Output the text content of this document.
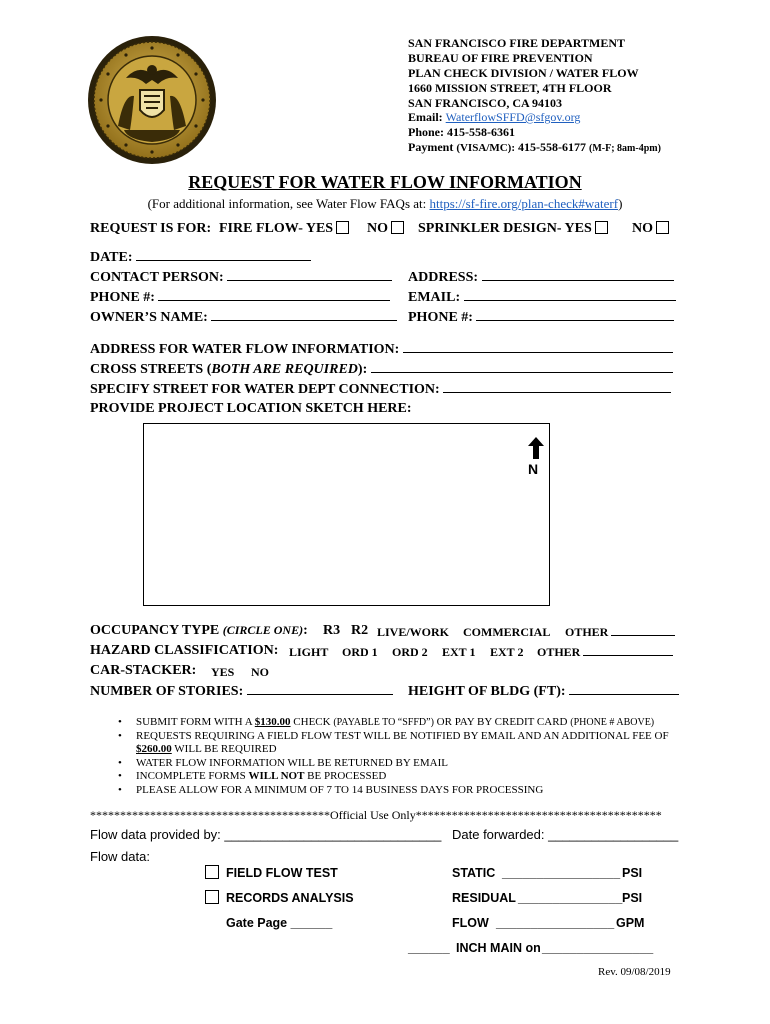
SAN FRANCISCO FIRE DEPARTMENT
BUREAU OF FIRE PREVENTION
PLAN CHECK DIVISION / WATER FLOW
1660 MISSION STREET, 4TH FLOOR
SAN FRANCISCO, CA 94103
Email: WaterflowSFFD@sfgov.org
Phone: 415-558-6361
Payment (VISA/MC): 415-558-6177 (M-F; 8am-4pm)
REQUEST FOR WATER FLOW INFORMATION
(For additional information, see Water Flow FAQs at: https://sf-fire.org/plan-check#waterf)
REQUEST IS FOR: FIRE FLOW- YES	NO	SPRINKLER DESIGN- YES	NO
DATE:
CONTACT PERSON:	ADDRESS:
PHONE #:	EMAIL:
OWNER’S NAME:	PHONE #:
ADDRESS FOR WATER FLOW INFORMATION:
CROSS STREETS (BOTH ARE REQUIRED):
SPECIFY STREET FOR WATER DEPT CONNECTION:
PROVIDE PROJECT LOCATION SKETCH HERE:
N
OCCUPANCY TYPE (CIRCLE ONE): R3 R2 LIVE/WORK COMMERCIAL OTHER
HAZARD CLASSIFICATION: LIGHT ORD 1 ORD 2 EXT 1 EXT 2 OTHER
CAR-STACKER: YES NO
NUMBER OF STORIES:	HEIGHT OF BLDG (FT):
• SUBMIT FORM WITH A $130.00 CHECK (PAYABLE TO “SFFD”) OR PAY BY CREDIT CARD (PHONE # ABOVE)
• REQUESTS REQUIRING A FIELD FLOW TEST WILL BE NOTIFIED BY EMAIL AND AN ADDITIONAL FEE OF $260.00 WILL BE REQUIRED
• WATER FLOW INFORMATION WILL BE RETURNED BY EMAIL
• INCOMPLETE FORMS WILL NOT BE PROCESSED
• PLEASE ALLOW FOR A MINIMUM OF 7 TO 14 BUSINESS DAYS FOR PROCESSING
****************************************Official Use Only*****************************************
Flow data provided by: ______________________________ Date forwarded: __________________
Flow data:
FIELD FLOW TEST
RECORDS ANALYSIS
Gate Page ______
STATIC _________________ PSI
RESIDUAL _______________ PSI
FLOW _________________ GPM
______ INCH MAIN on ________________
Rev. 09/08/2019
